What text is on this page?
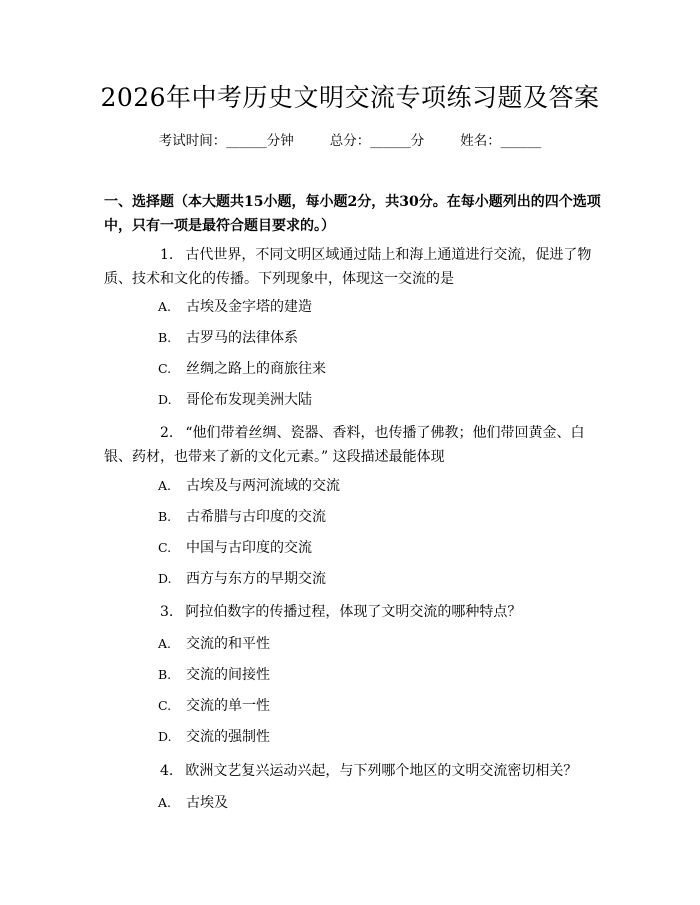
2026年中考历史文明交流专项练习题及答案
考试时间：______分钟	总分：______分	姓名：______
一、选择题（本大题共15小题，每小题2分，共30分。在每小题列出的四个选项中，只有一项是最符合题目要求的。）
1. 古代世界，不同文明区域通过陆上和海上通道进行交流，促进了物质、技术和文化的传播。下列现象中，体现这一交流的是
A. 古埃及金字塔的建造
B. 古罗马的法律体系
C. 丝绸之路上的商旅往来
D. 哥伦布发现美洲大陆
2. “他们带着丝绸、瓷器、香料，也传播了佛教；他们带回黄金、白银、药材，也带来了新的文化元素。” 这段描述最能体现
A. 古埃及与两河流域的交流
B. 古希腊与古印度的交流
C. 中国与古印度的交流
D. 西方与东方的早期交流
3. 阿拉伯数字的传播过程，体现了文明交流的哪种特点？
A. 交流的和平性
B. 交流的间接性
C. 交流的单一性
D. 交流的强制性
4. 欧洲文艺复兴运动兴起，与下列哪个地区的文明交流密切相关？
A. 古埃及
